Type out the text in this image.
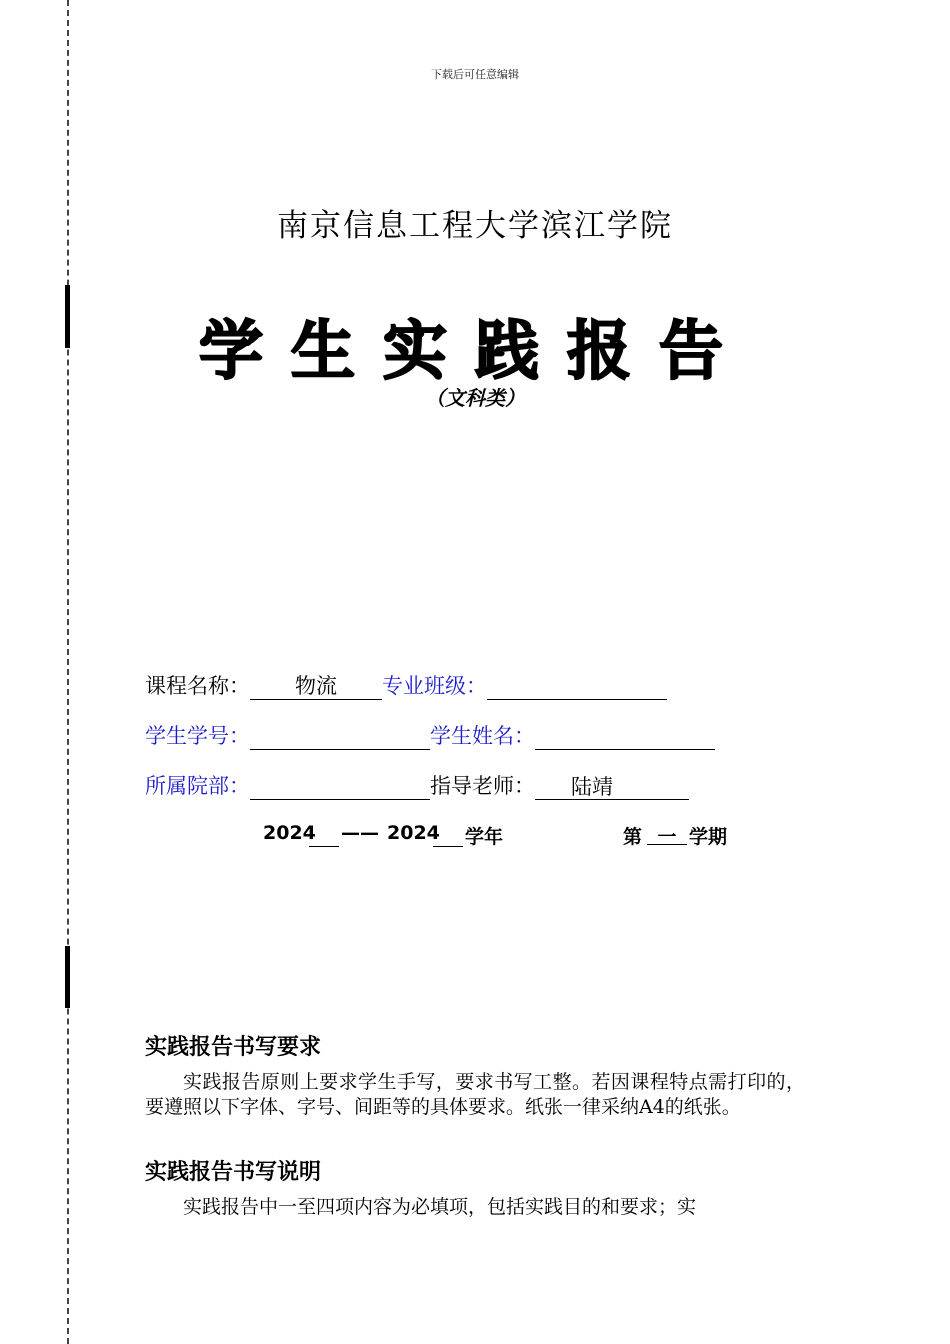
下载后可任意编辑
南京信息工程大学滨江学院
学生实践报告
（文科类）
课程名称：	物流	专业班级：
学生学号：	学生姓名：
所属院部：	指导老师：	陆靖
2024 —— 2024 学年	第 一 学期
实践报告书写要求
实践报告原则上要求学生手写，要求书写工整。若因课程特点需打印的，要遵照以下字体、字号、间距等的具体要求。纸张一律采纳A4的纸张。
实践报告书写说明
实践报告中一至四项内容为必填项，包括实践目的和要求；实
